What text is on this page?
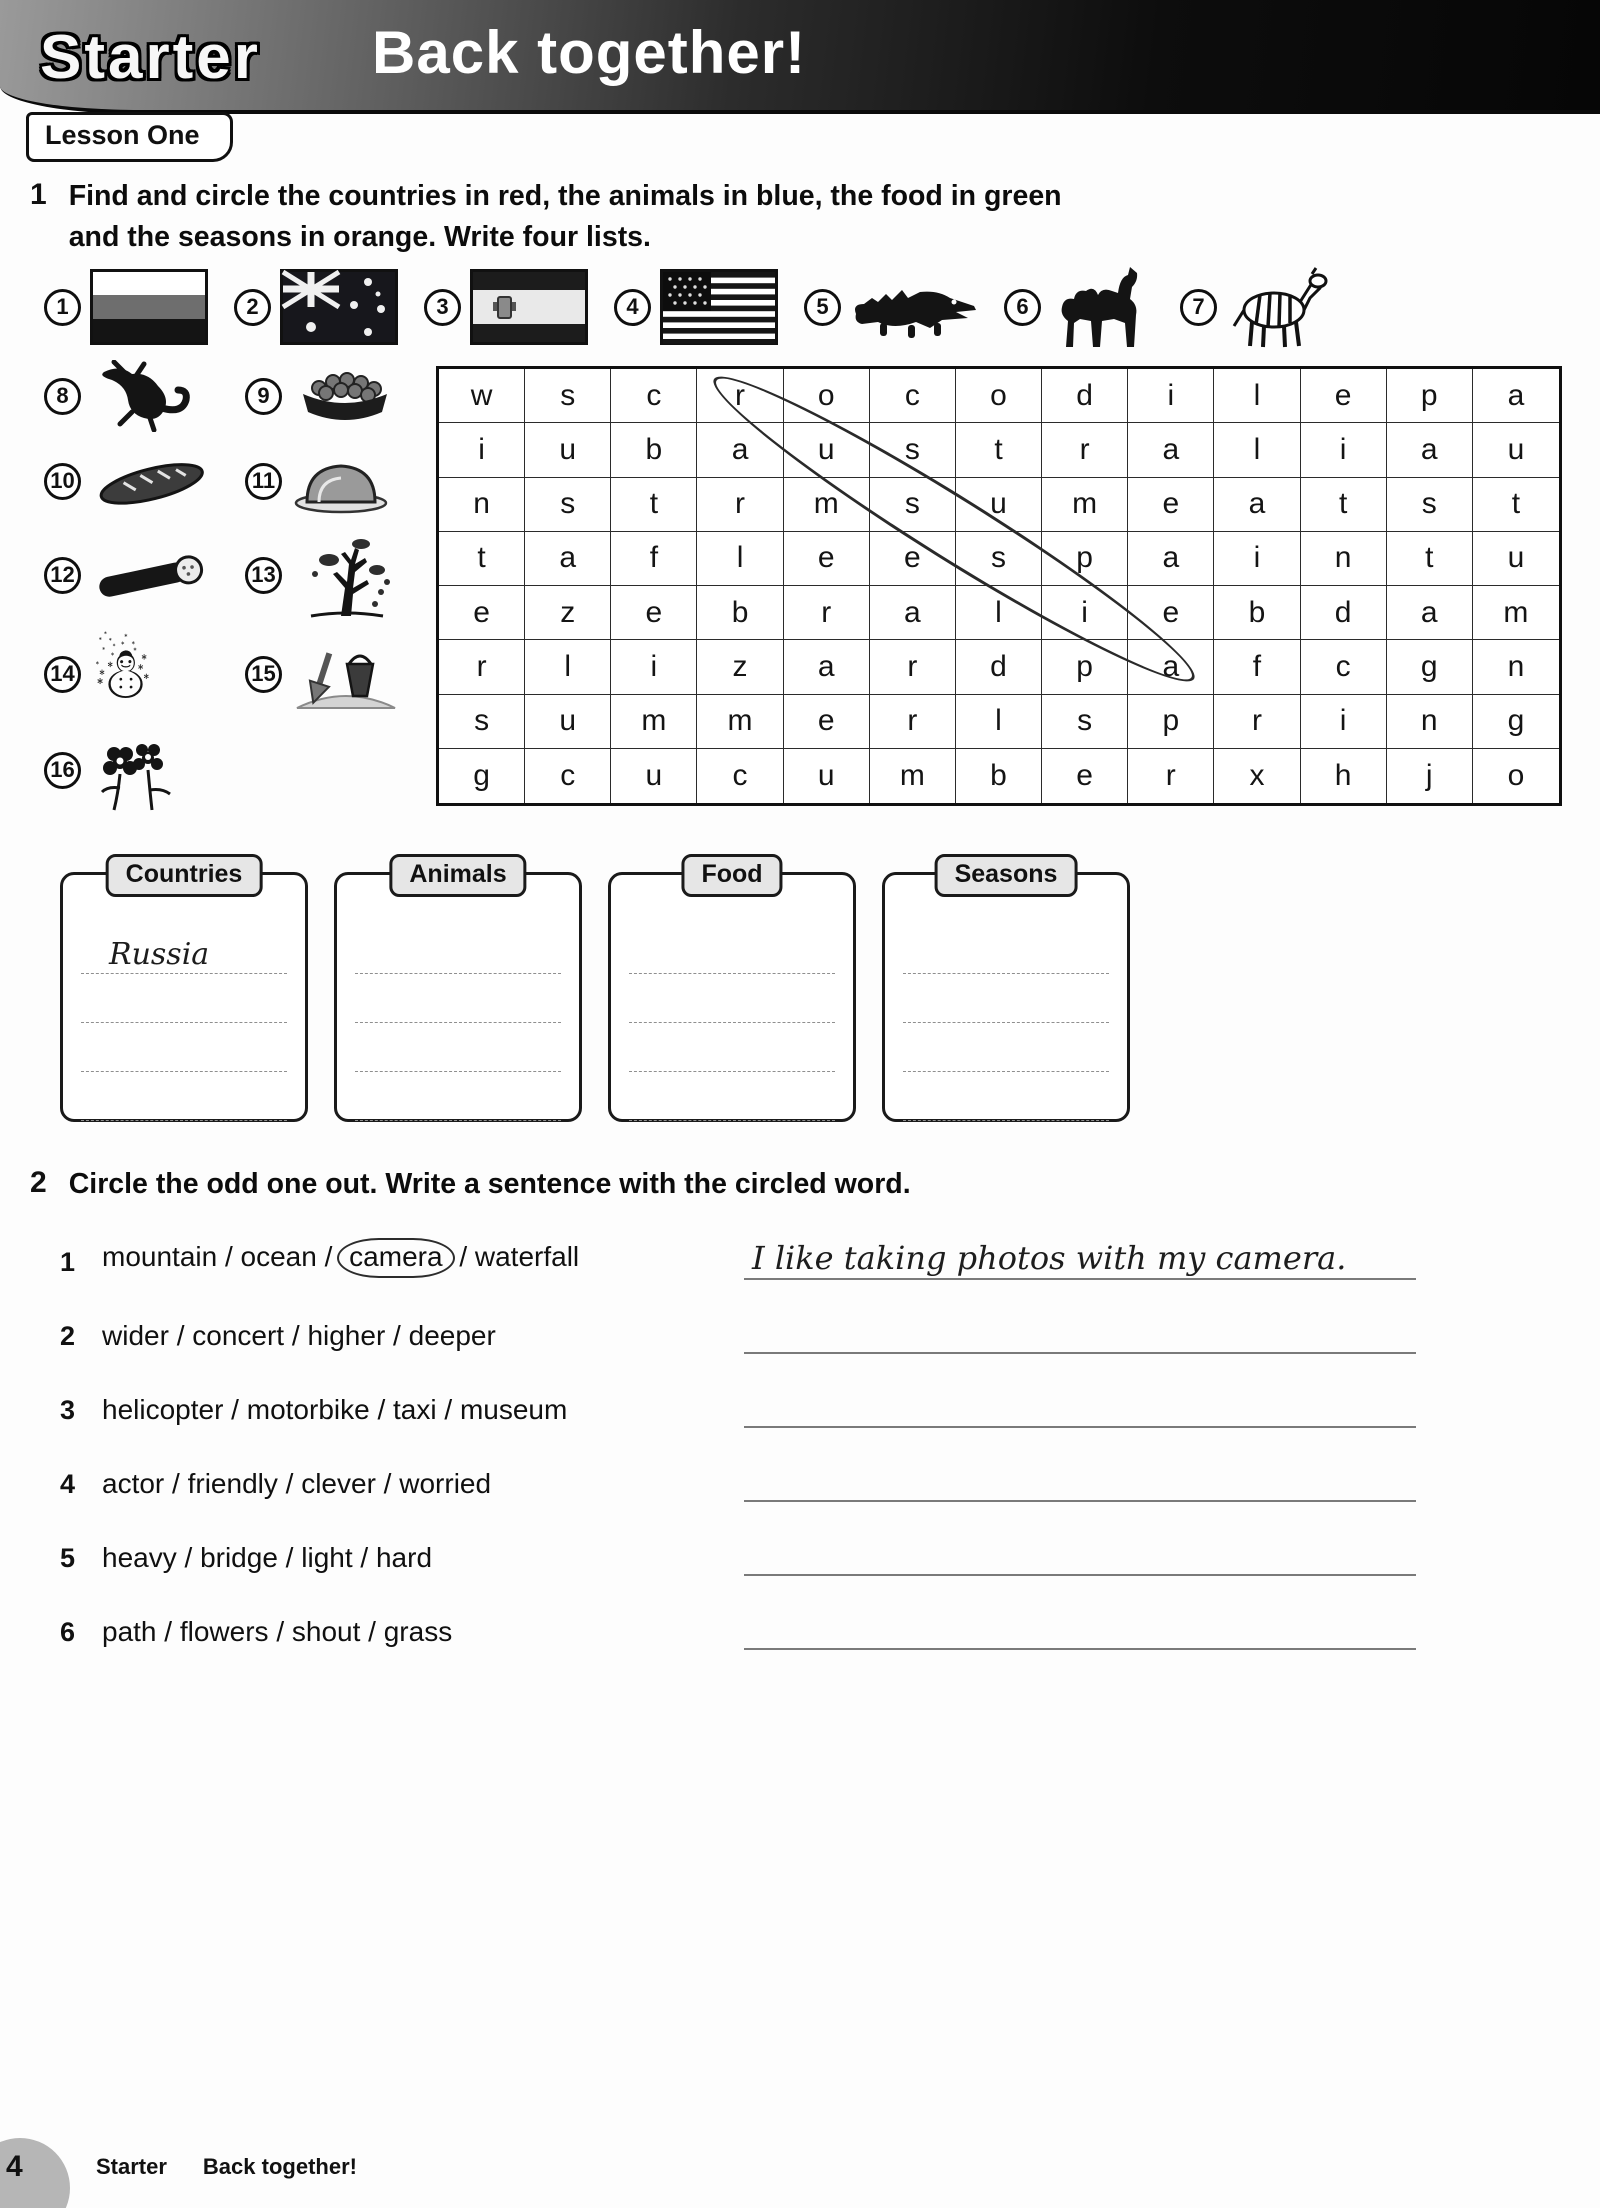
Starter Back together!
Lesson One
1 Find and circle the countries in red, the animals in blue, the food in green
and the seasons in orange. Write four lists.
1	2	3	4	5	6	7
8	9
10	11
12	13
14 ☃	15
16
w	s	c	r	o	c	o	d	i	l	e	p	a
i	u	b	a	u	s	t	r	a	l	i	a	u
n	s	t	r	m	s	u	m	e	a	t	s	t
t	a	f	l	e	e	s	p	a	i	n	t	u
e	z	e	b	r	a	l	i	e	b	d	a	m
r	l	i	z	a	r	d	p	a	f	c	g	n
s	u	m	m	e	r	l	s	p	r	i	n	g
g	c	u	c	u	m	b	e	r	x	h	j	o
Countries
Russia
Animals	Food	Seasons
2 Circle the odd one out. Write a sentence with the circled word.
1 mountain / ocean / camera / waterfall	I like taking photos with my camera.
2 wider / concert / higher / deeper
3 helicopter / motorbike / taxi / museum
4 actor / friendly / clever / worried
5 heavy / bridge / light / hard
6 path / flowers / shout / grass
4	Starter Back together!
